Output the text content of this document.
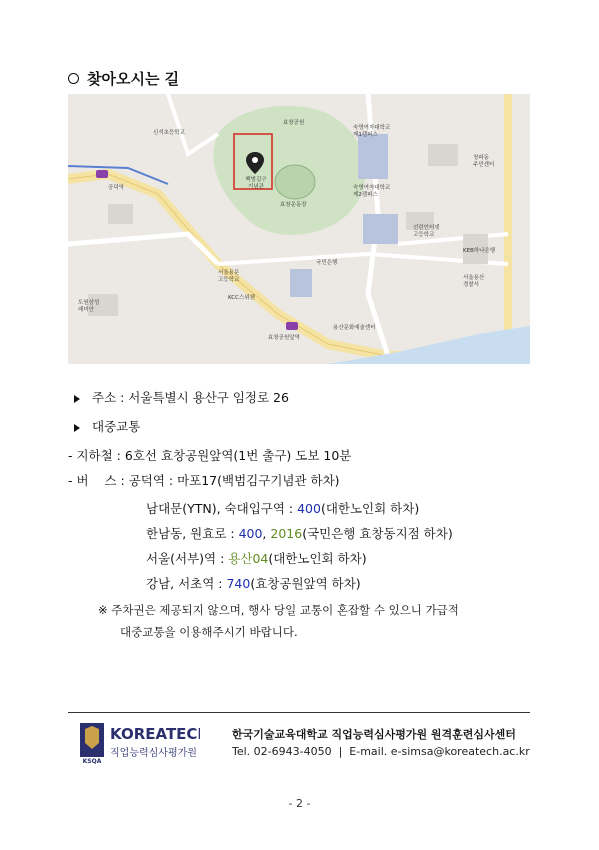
찾아오시는 길
백범김구 기념관
효창운동장
효창공원
숙명여자대학교 제2캠퍼스
숙명여자대학교 제1캠퍼스
공덕역
효창공원앞역
국민은행
선린인터넷 고등학교
서울용산 경찰서
KCC스위첸
용산문화예술센터
청파동 주민센터
KEB하나은행
서울용문 고등학교
도원삼성 래미안
신석초등학교
주소 : 서울특별시 용산구 임정로 26
대중교통
- 지하철 : 6호선 효창공원앞역(1번 출구) 도보 10분
- 버    스 : 공덕역 : 마포17(백범김구기념관 하차)
남대문(YTN), 숙대입구역 : 400(대한노인회 하차)
한남동, 원효로 : 400, 2016(국민은행 효창동지점 하차)
서울(서부)역 : 용산04(대한노인회 하차)
강남, 서초역 : 740(효창공원앞역 하차)
※ 주차권은 제공되지 않으며, 행사 당일 교통이 혼잡할 수 있으니 가급적
대중교통을 이용해주시기 바랍니다.
KSQA
KOREATECH
직업능력심사평가원
한국기술교육대학교 직업능력심사평가원 원격훈련심사센터
Tel. 02-6943-4050  |  E-mail. e-simsa@koreatech.ac.kr
- 2 -
